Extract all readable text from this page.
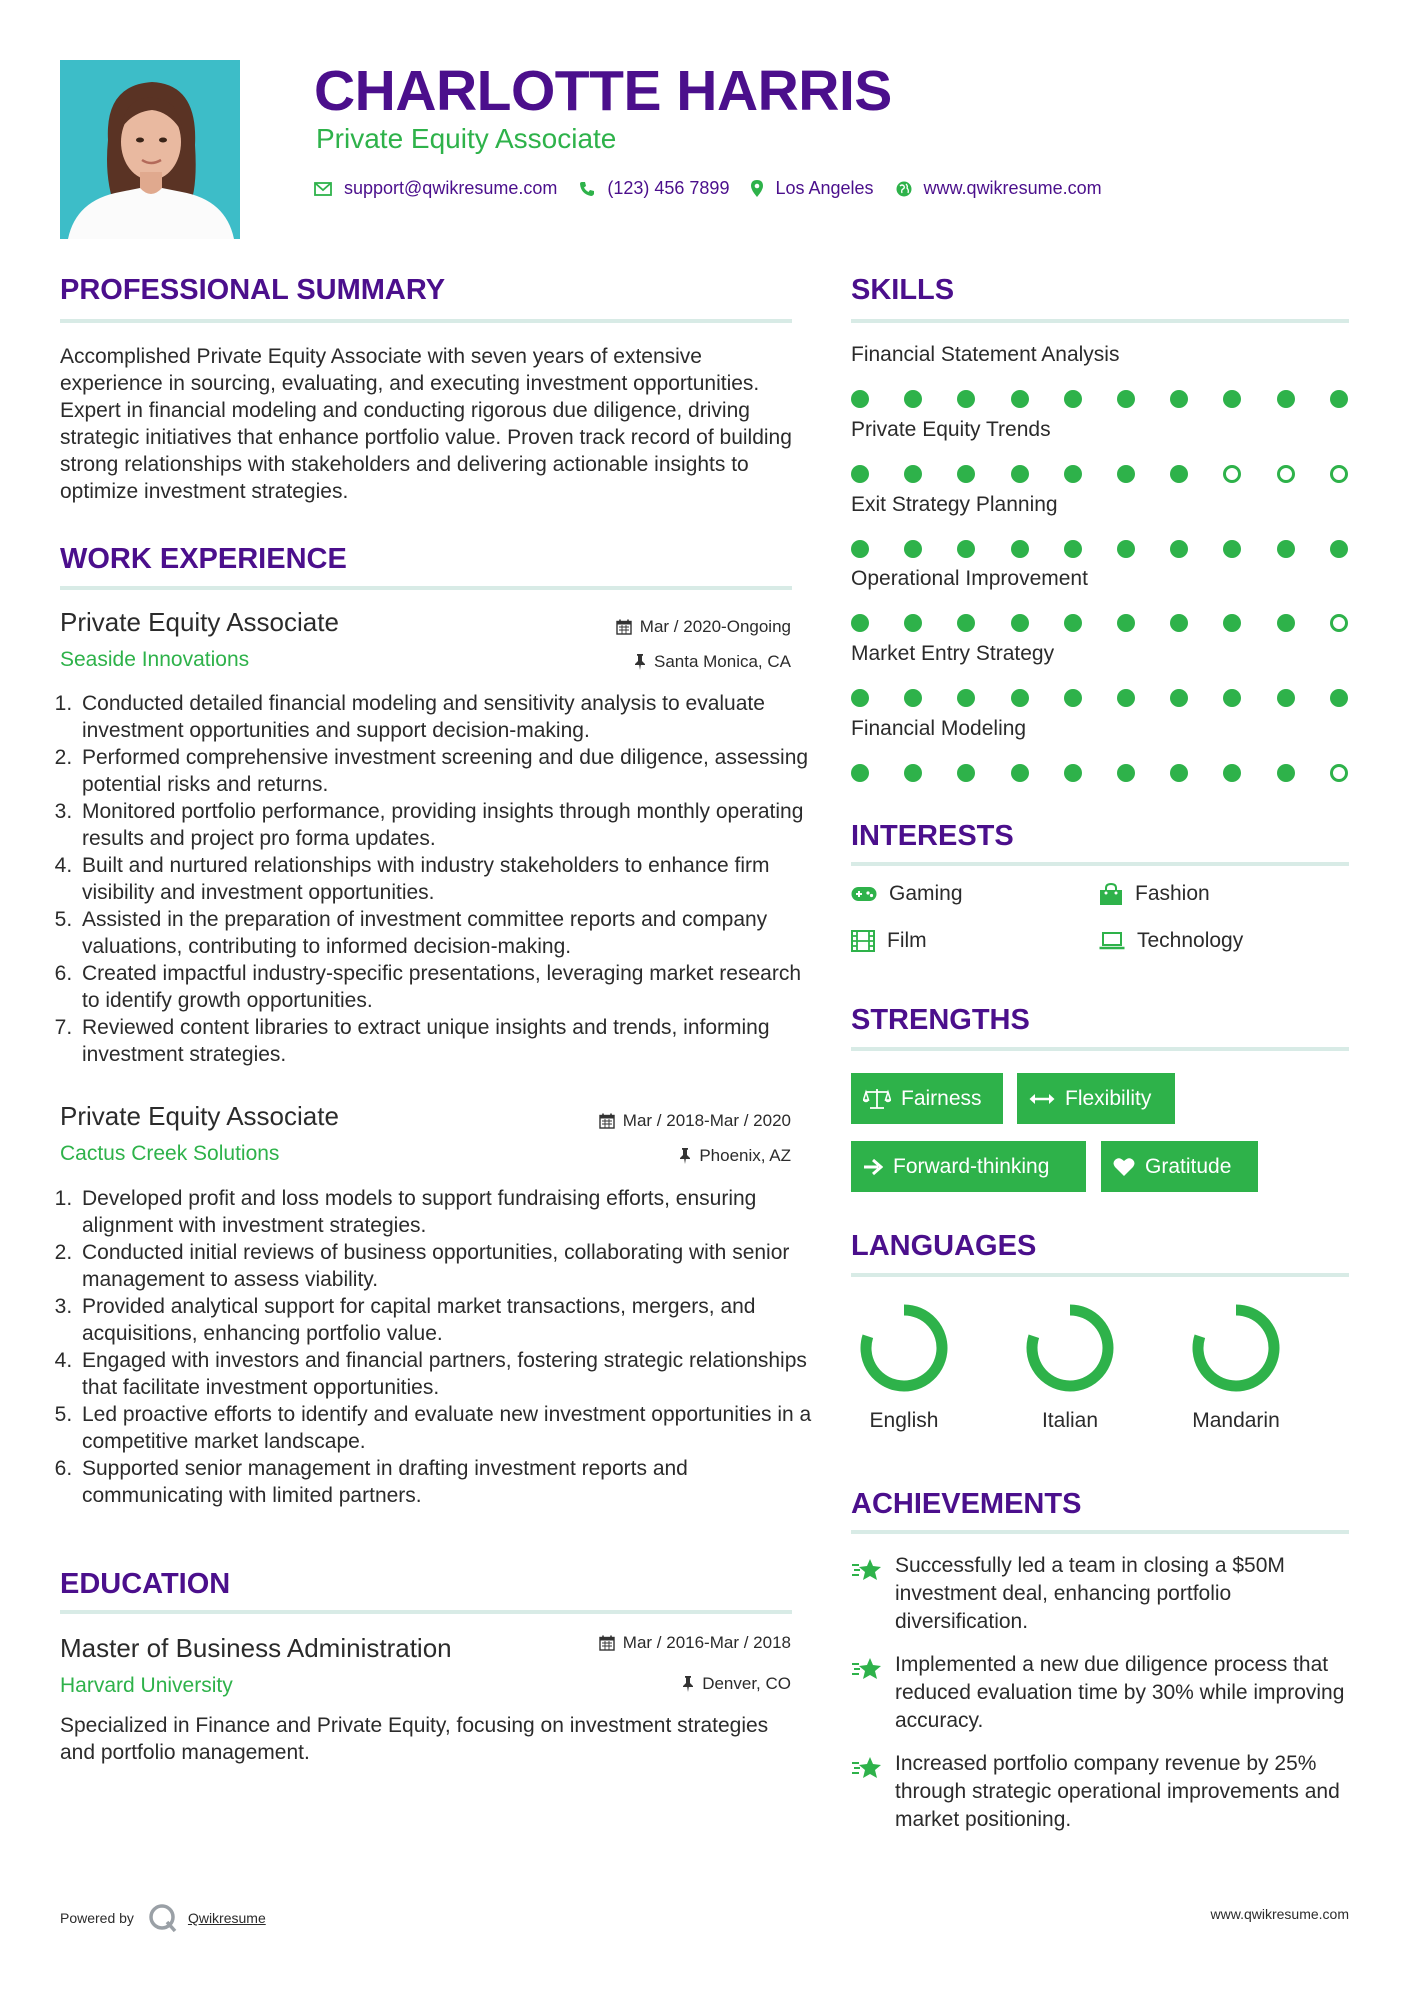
CHARLOTTE HARRIS
Private Equity Associate
support@qwikresume.com	(123) 456 7899	Los Angeles	www.qwikresume.com
PROFESSIONAL SUMMARY
Accomplished Private Equity Associate with seven years of extensive experience in sourcing, evaluating, and executing investment opportunities. Expert in financial modeling and conducting rigorous due diligence, driving strategic initiatives that enhance portfolio value. Proven track record of building strong relationships with stakeholders and delivering actionable insights to optimize investment strategies.
WORK EXPERIENCE
Private Equity Associate
Seaside Innovations
Mar / 2020-Ongoing
Santa Monica, CA
1. Conducted detailed financial modeling and sensitivity analysis to evaluate investment opportunities and support decision-making.
2. Performed comprehensive investment screening and due diligence, assessing potential risks and returns.
3. Monitored portfolio performance, providing insights through monthly operating results and project pro forma updates.
4. Built and nurtured relationships with industry stakeholders to enhance firm visibility and investment opportunities.
5. Assisted in the preparation of investment committee reports and company valuations, contributing to informed decision-making.
6. Created impactful industry-specific presentations, leveraging market research to identify growth opportunities.
7. Reviewed content libraries to extract unique insights and trends, informing investment strategies.
Private Equity Associate
Cactus Creek Solutions
Mar / 2018-Mar / 2020
Phoenix, AZ
1. Developed profit and loss models to support fundraising efforts, ensuring alignment with investment strategies.
2. Conducted initial reviews of business opportunities, collaborating with senior management to assess viability.
3. Provided analytical support for capital market transactions, mergers, and acquisitions, enhancing portfolio value.
4. Engaged with investors and financial partners, fostering strategic relationships that facilitate investment opportunities.
5. Led proactive efforts to identify and evaluate new investment opportunities in a competitive market landscape.
6. Supported senior management in drafting investment reports and communicating with limited partners.
EDUCATION
Master of Business Administration
Harvard University
Mar / 2016-Mar / 2018
Denver, CO
Specialized in Finance and Private Equity, focusing on investment strategies and portfolio management.
SKILLS
Financial Statement Analysis
Private Equity Trends
Exit Strategy Planning
Operational Improvement
Market Entry Strategy
Financial Modeling
INTERESTS
Gaming	Fashion
Film	Technology
STRENGTHS
Fairness	Flexibility
Forward-thinking	Gratitude
LANGUAGES
English	Italian	Mandarin
ACHIEVEMENTS
Successfully led a team in closing a $50M investment deal, enhancing portfolio diversification.
Implemented a new due diligence process that reduced evaluation time by 30% while improving accuracy.
Increased portfolio company revenue by 25% through strategic operational improvements and market positioning.
Powered by	Qwikresume	www.qwikresume.com
